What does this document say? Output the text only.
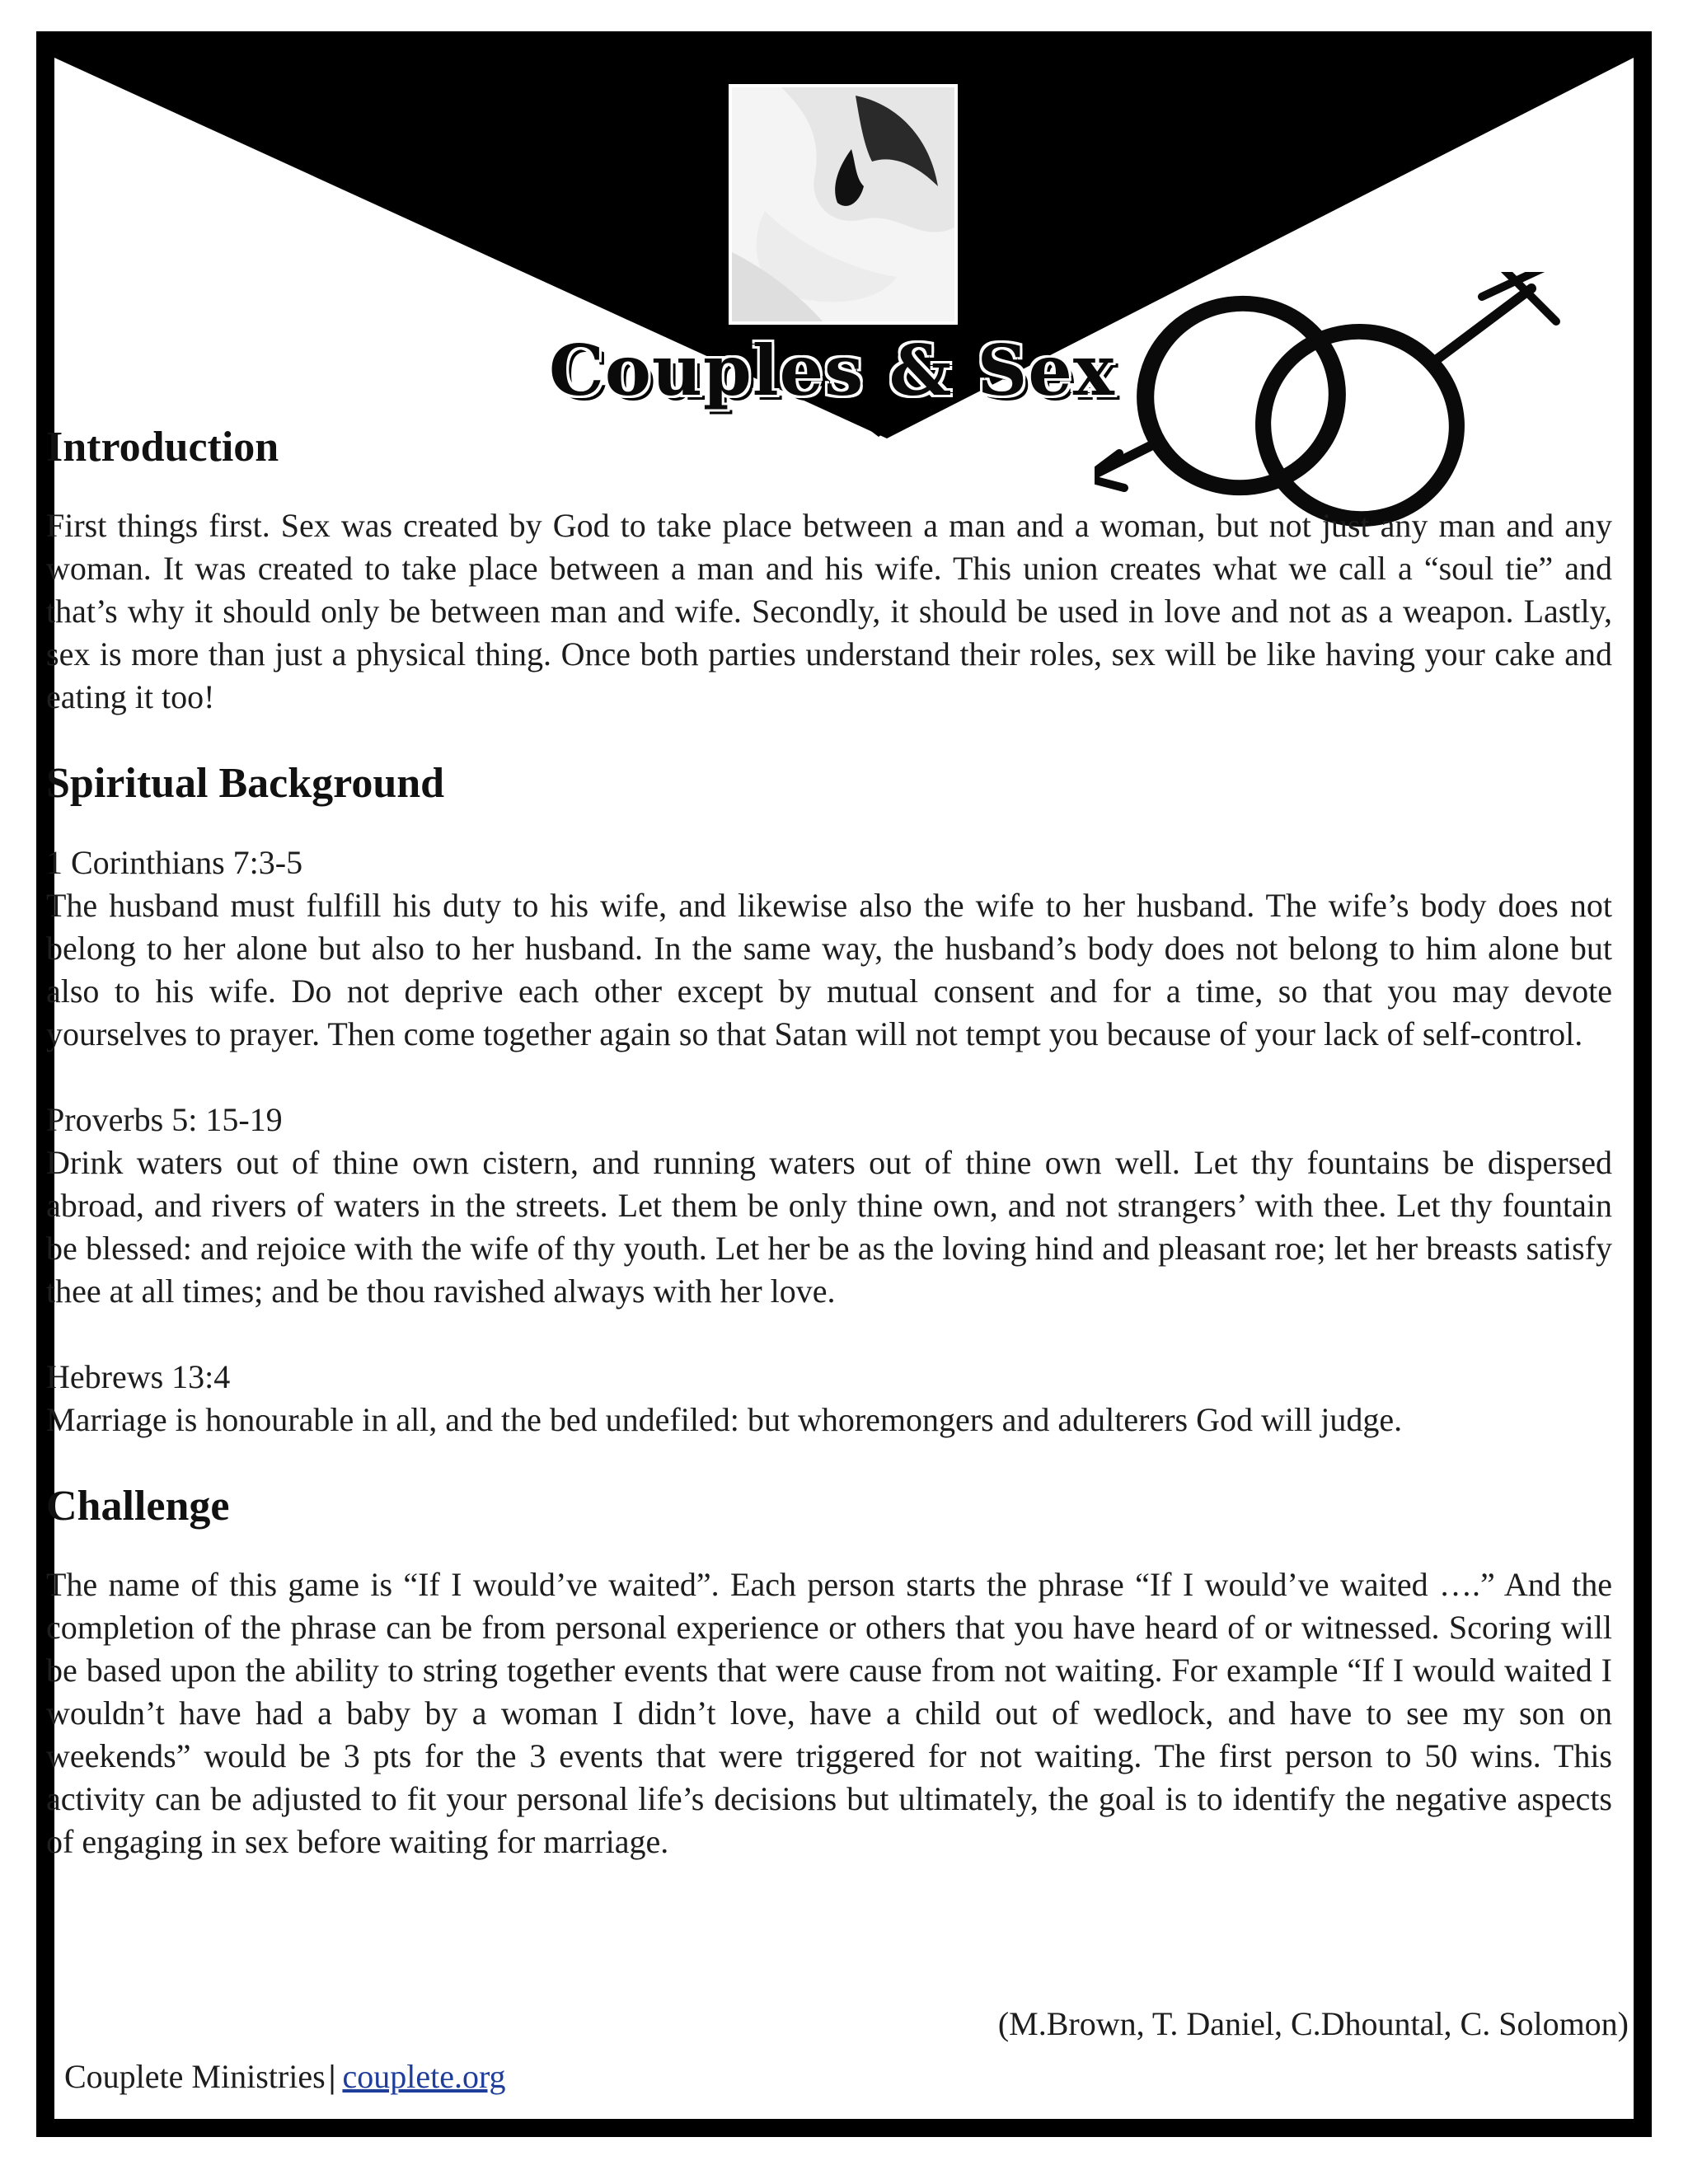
Couples & Sex
Introduction

First things first. Sex was created by God to take place between a man and a woman, but not just any man and any woman. It was created to take place between a man and his wife. This union creates what we call a “soul tie” and that’s why it should only be between man and wife. Secondly, it should be used in love and not as a weapon. Lastly, sex is more than just a physical thing. Once both parties understand their roles, sex will be like having your cake and eating it too!

Spiritual Background

1 Corinthians 7:3-5

The husband must fulfill his duty to his wife, and likewise also the wife to her husband. The wife’s body does not belong to her alone but also to her husband. In the same way, the husband’s body does not belong to him alone but also to his wife. Do not deprive each other except by mutual consent and for a time, so that you may devote yourselves to prayer. Then come together again so that Satan will not tempt you because of your lack of self-control.

Proverbs 5: 15-19

Drink waters out of thine own cistern, and running waters out of thine own well. Let thy fountains be dispersed abroad, and rivers of waters in the streets. Let them be only thine own, and not strangers’ with thee. Let thy fountain be blessed: and rejoice with the wife of thy youth. Let her be as the loving hind and pleasant roe; let her breasts satisfy thee at all times; and be thou ravished always with her love.

Hebrews 13:4

Marriage is honourable in all, and the bed undefiled: but whoremongers and adulterers God will judge.

Challenge

The name of this game is “If I would’ve waited”. Each person starts the phrase “If I would’ve waited ….” And the completion of the phrase can be from personal experience or others that you have heard of or witnessed. Scoring will be based upon the ability to string together events that were cause from not waiting. For example “If I would waited I wouldn’t have had a baby by a woman I didn’t love, have a child out of wedlock, and have to see my son on weekends” would be 3 pts for the 3 events that were triggered for not waiting. The first person to 50 wins. This activity can be adjusted to fit your personal life’s decisions but ultimately, the goal is to identify the negative aspects of engaging in sex before waiting for marriage.

(M.Brown, T. Daniel, C.Dhountal, C. Solomon)
Couplete Ministries | couplete.org
